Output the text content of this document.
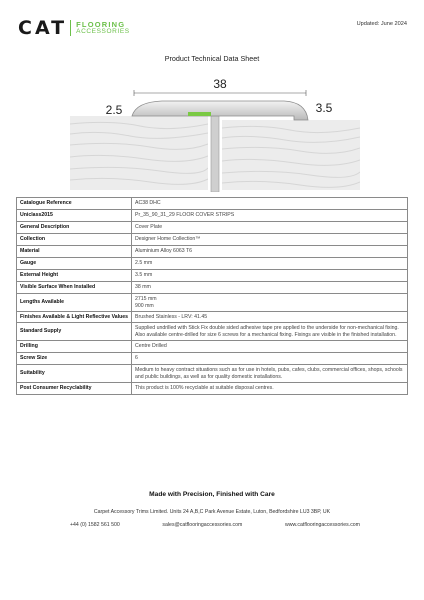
CAT FLOORING
ACCESSORIES
Updated: June 2024
Product Technical Data Sheet
38
2.5	3.5
Catalogue Reference	AC38 DHC
Uniclass2015	Pr_35_90_31_29 FLOOR COVER STRIPS
General Description	Cover Plate
Collection	Designer Home Collection™
Material	Aluminium Alloy 6063 T6
Gauge	2.5 mm
External Height	3.5 mm
Visible Surface When Installed	38 mm
Lengths Available	2715 mm
900 mm

Finishes Available & Light Reflective Values	Brushed Stainless - LRV: 41.45
Standard Supply	Supplied undrilled with Stick Fix double sided adhesive tape pre applied to the underside for non-mechanical fixing. Also available centre-drilled for size 6 screws for a mechanical fixing. Fixings are visible in the finished installation.
Drilling	Centre Drilled
Screw Size	6
Suitability	Medium to heavy contract situations such as for use in hotels, pubs, cafes, clubs, commercial offices, shops, schools and public buildings, as well as for quality domestic installations.
Post Consumer Recyclability	This product is 100% recyclable at suitable disposal centres.
Made with Precision, Finished with Care
Carpet Accessory Trims Limited. Units 24 A,B,C Park Avenue Estate, Luton, Bedfordshire LU3 3BP, UK
+44 (0) 1582 561 500	sales@catflooringaccessories.com	www.catflooringaccessories.com
